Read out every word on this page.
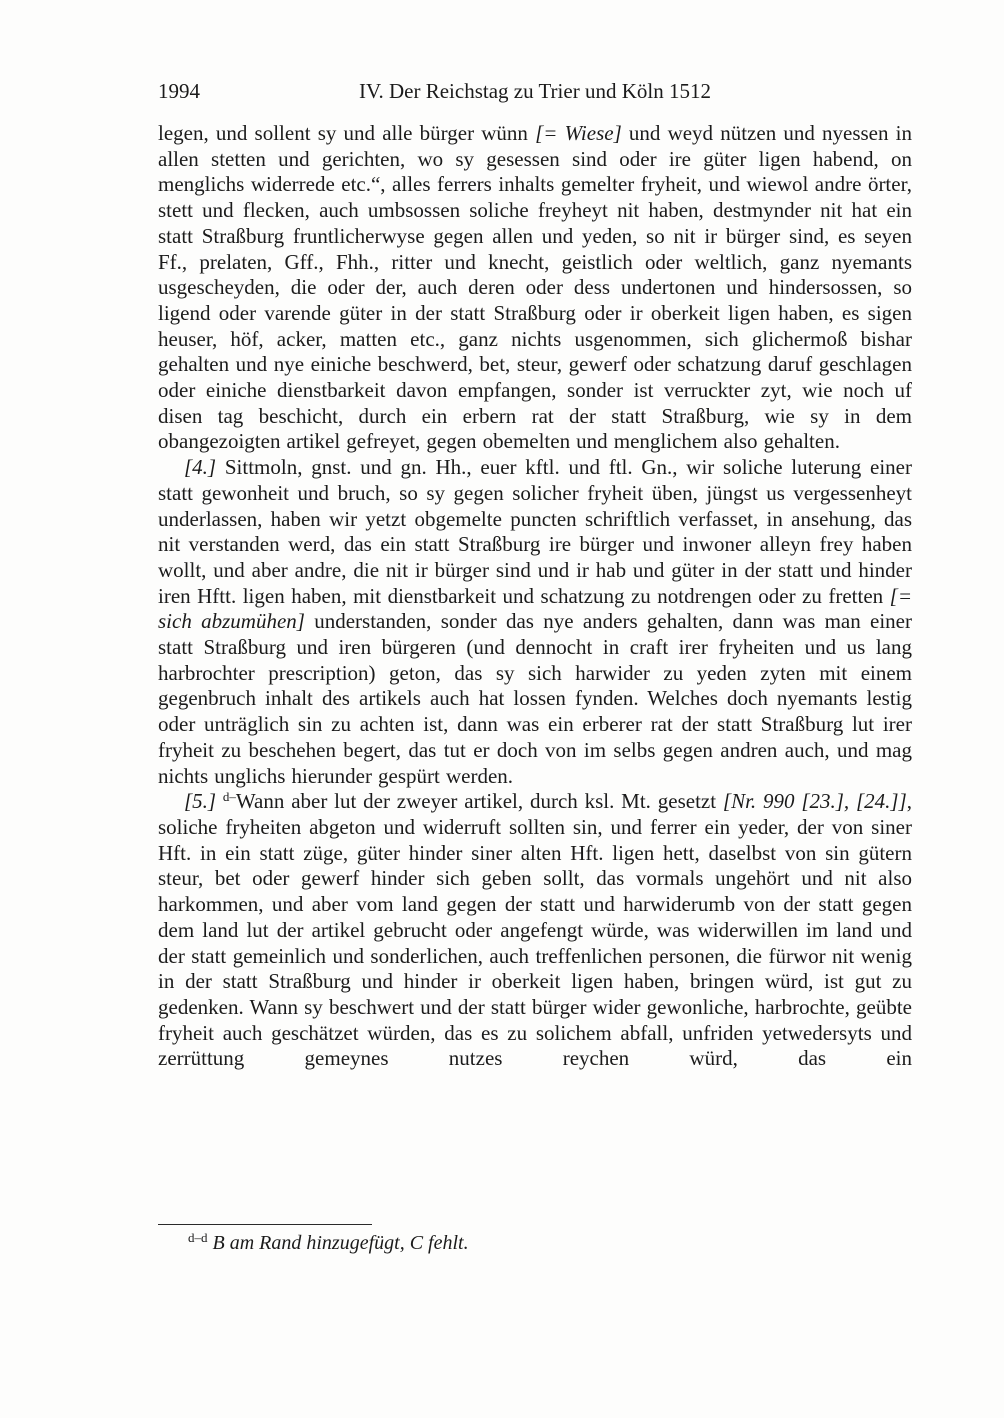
1994	IV. Der Reichstag zu Trier und Köln 1512

legen, und sollent sy und alle bürger wünn [= Wiese] und weyd nützen und nyessen in allen stetten und gerichten, wo sy gesessen sind oder ire güter ligen habend, on menglichs widerrede etc.“, alles ferrers inhalts gemelter fryheit, und wiewol andre örter, stett und flecken, auch umbsossen soliche freyheyt nit haben, destmynder nit hat ein statt Straßburg fruntlicherwyse gegen allen und yeden, so nit ir bürger sind, es seyen Ff., prelaten, Gff., Fhh., ritter und knecht, geistlich oder weltlich, ganz nyemants usgescheyden, die oder der, auch deren oder dess undertonen und hindersossen, so ligend oder varende güter in der statt Straßburg oder ir oberkeit ligen haben, es sigen heuser, höf, acker, matten etc., ganz nichts usgenommen, sich glichermoß bishar gehalten und nye einiche beschwerd, bet, steur, gewerf oder schatzung daruf geschlagen oder einiche dienstbarkeit davon empfangen, sonder ist verruckter zyt, wie noch uf disen tag beschicht, durch ein erbern rat der statt Straßburg, wie sy in dem obangezoigten artikel gefreyet, gegen obemelten und menglichem also gehalten.

[4.] Sittmoln, gnst. und gn. Hh., euer kftl. und ftl. Gn., wir soliche luterung einer statt gewonheit und bruch, so sy gegen solicher fryheit üben, jüngst us vergessenheyt underlassen, haben wir yetzt obgemelte puncten schriftlich verfasset, in ansehung, das nit verstanden werd, das ein statt Straßburg ire bürger und inwoner alleyn frey haben wollt, und aber andre, die nit ir bürger sind und ir hab und güter in der statt und hinder iren Hftt. ligen haben, mit dienstbarkeit und schatzung zu notdrengen oder zu fretten [= sich abzumühen] understanden, sonder das nye anders gehalten, dann was man einer statt Straßburg und iren bürgeren (und dennocht in craft irer fryheiten und us lang harbrochter prescription) geton, das sy sich harwider zu yeden zyten mit einem gegenbruch inhalt des artikels auch hat lossen fynden. Welches doch nyemants lestig oder unträglich sin zu achten ist, dann was ein erberer rat der statt Straßburg lut irer fryheit zu beschehen begert, das tut er doch von im selbs gegen andren auch, und mag nichts unglichs hierunder gespürt werden.

[5.] $^{d-}$Wann aber lut der zweyer artikel, durch ksl. Mt. gesetzt [Nr. 990 [23.], [24.]], soliche fryheiten abgeton und widerruft sollten sin, und ferrer ein yeder, der von siner Hft. in ein statt züge, güter hinder siner alten Hft. ligen hett, daselbst von sin gütern steur, bet oder gewerf hinder sich geben sollt, das vormals ungehört und nit also harkommen, und aber vom land gegen der statt und harwiderumb von der statt gegen dem land lut der artikel gebrucht oder angefengt würde, was widerwillen im land und der statt gemeinlich und sonderlichen, auch treffenlichen personen, die fürwor nit wenig in der statt Straßburg und hinder ir oberkeit ligen haben, bringen würd, ist gut zu gedenken. Wann sy beschwert und der statt bürger wider gewonliche, harbrochte, geübte fryheit auch geschätzet würden, das es zu solichem abfall, unfriden yetwedersyts und zerrüttung gemeynes nutzes reychen würd, das ein

$^{d-d}$ B am Rand hinzugefügt, C fehlt.
